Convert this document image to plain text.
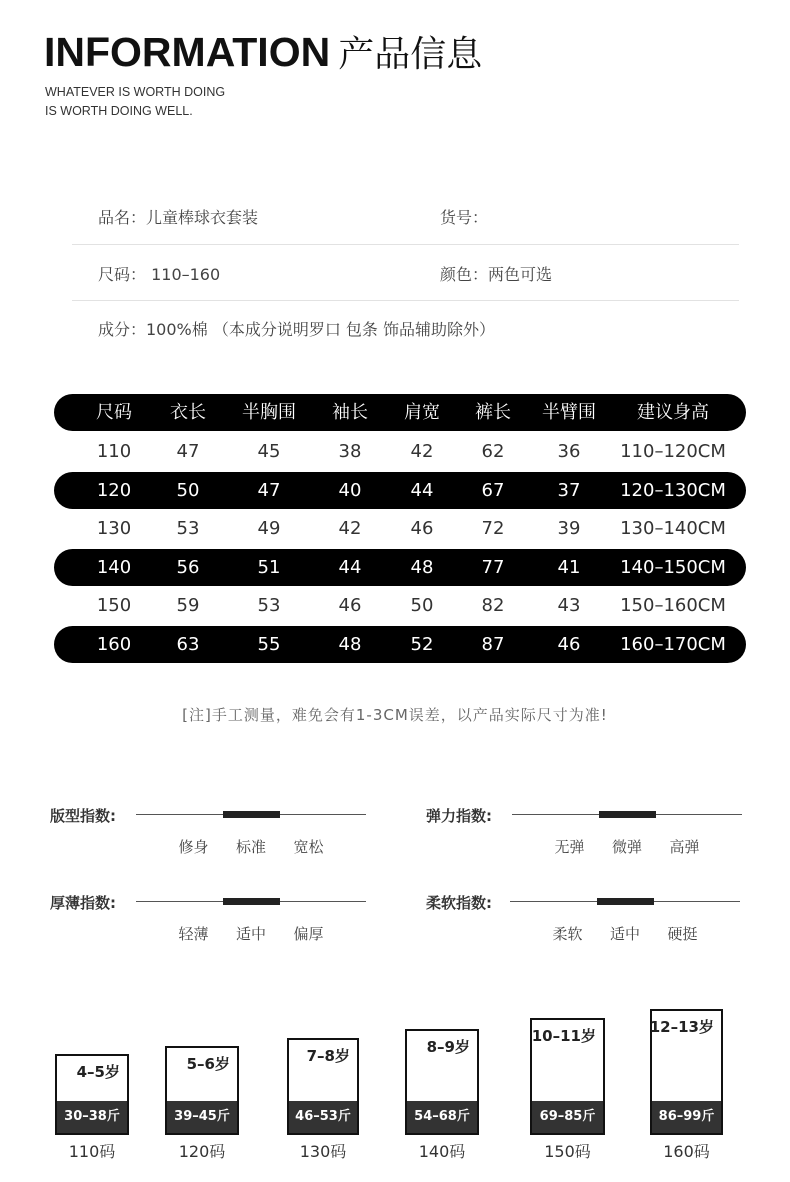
INFORMATION 产品信息
WHATEVER IS WORTH DOING
IS WORTH DOING WELL.
品名：儿童棒球衣套装	货号：
尺码： 110–160	颜色：两色可选
成分：100%棉 （本成分说明罗口 包条 饰品辅助除外）
尺码	衣长	半胸围	袖长	肩宽	裤长	半臂围	建议身高
110	47	45	38	42	62	36	110–120CM
120	50	47	40	44	67	37	120–130CM
130	53	49	42	46	72	39	130–140CM
140	56	51	44	48	77	41	140–150CM
150	59	53	46	50	82	43	150–160CM
160	63	55	48	52	87	46	160–170CM
[注]手工测量，难免会有1-3CM误差，以产品实际尺寸为准!
版型指数:
修身	标准	宽松
弹力指数:
无弹	微弹	高弹
厚薄指数:
轻薄	适中	偏厚
柔软指数:
柔软	适中	硬挺
4–5岁
30–38斤
110码
5–6岁
39–45斤
120码
7–8岁
46–53斤
130码
8–9岁
54–68斤
140码
10–11岁
69–85斤
150码
12–13岁
86–99斤
160码
